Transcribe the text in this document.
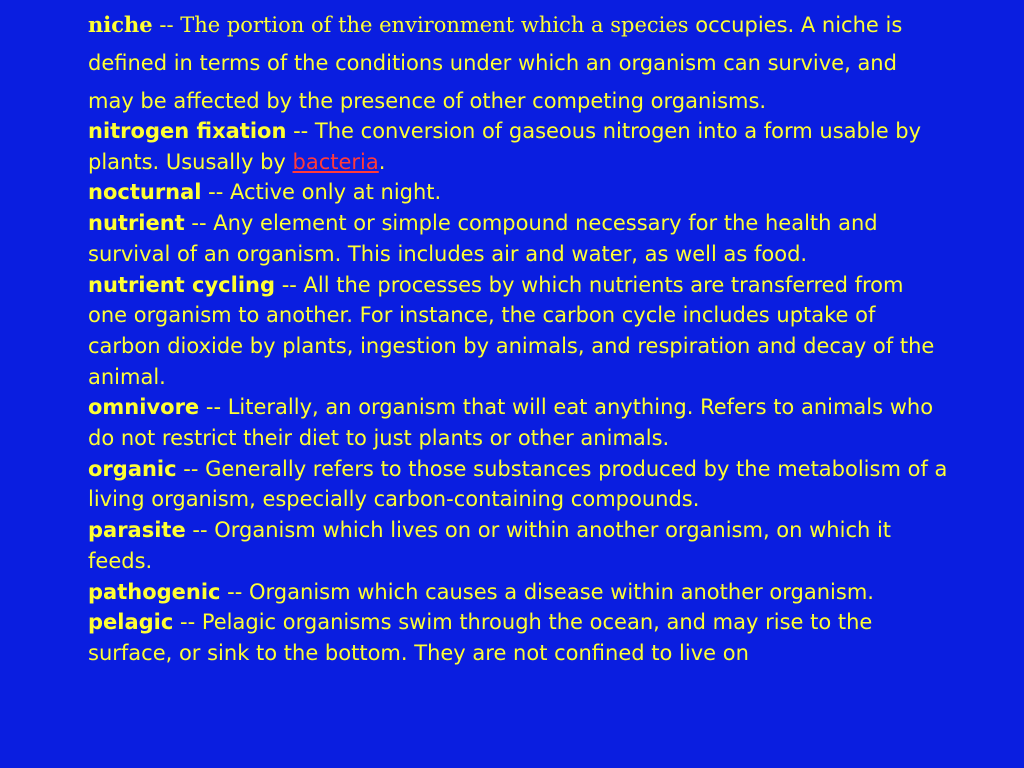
niche -- The portion of the environment which a species occupies. A niche is defined in terms of the conditions under which an organism can survive, and may be affected by the presence of other competing organisms.

nitrogen fixation -- The conversion of gaseous nitrogen into a form usable by plants. Ususally by bacteria.

nocturnal -- Active only at night.

nutrient -- Any element or simple compound necessary for the health and survival of an organism. This includes air and water, as well as food.

nutrient cycling -- All the processes by which nutrients are transferred from one organism to another. For instance, the carbon cycle includes uptake of carbon dioxide by plants, ingestion by animals, and respiration and decay of the animal.

omnivore -- Literally, an organism that will eat anything. Refers to animals who do not restrict their diet to just plants or other animals.

organic -- Generally refers to those substances produced by the metabolism of a living organism, especially carbon-containing compounds.

parasite -- Organism which lives on or within another organism, on which it feeds.

pathogenic -- Organism which causes a disease within another organism.

pelagic -- Pelagic organisms swim through the ocean, and may rise to the surface, or sink to the bottom. They are not confined to live on
